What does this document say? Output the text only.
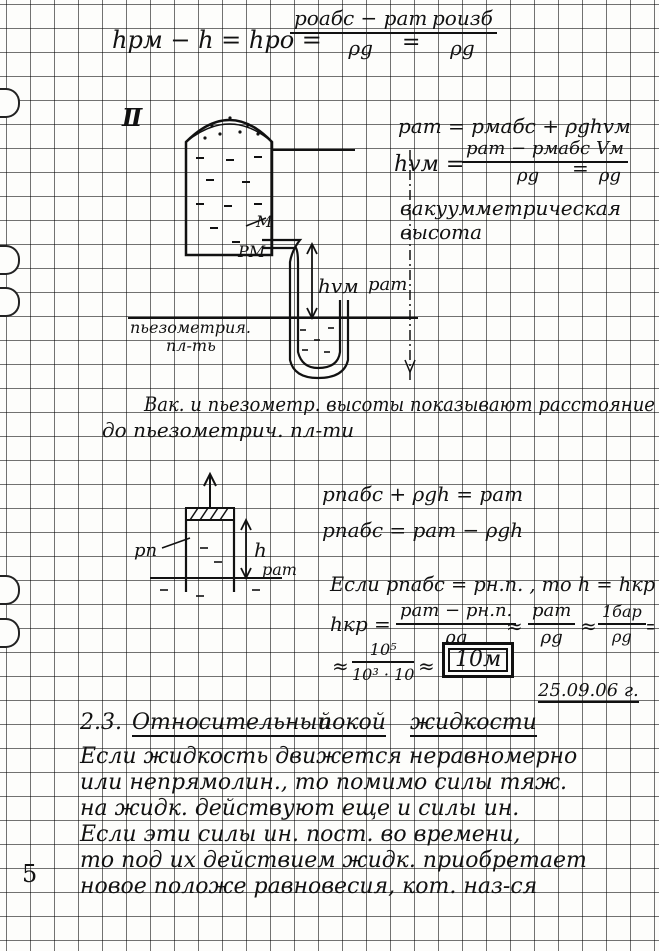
hрм − h = hрo =
рoабс − рат
ρg	=
рoизб
ρg
Ⅱ
M
PM
hvм рат
пьезометрия.
пл-ть
рат = рмабс + ρghvм
hvм =
рат − рмабс
ρg	=
Vм
ρg
вакуумметрическая
высота
Вак. и пьезометр. высоты показывают расстояние
до пьезометрич. пл-ти
рп	h
рат
рпабс + ρgh = рат
рпабс = рат − ρgh
Если рпабс = рн.п. , то h = hкр
hкр =
рат − рн.п.
ρg	≈
рат
ρg ≈
1бар
ρg =
≈ $\frac{\text{10⁵}}{\text{10³ · 10}} \approx 10м$
25.09.06 г.
2.3. Относительный
покой жидкости
Если жидкость движется неравномерно
или непрямолин., то помимо силы тяж.
на жидк. действуют еще и силы ин.
Если эти силы ин. пост. во времени,
то под их действием жидк. приобретает
новое положе равновесия, кот. наз-ся
5
